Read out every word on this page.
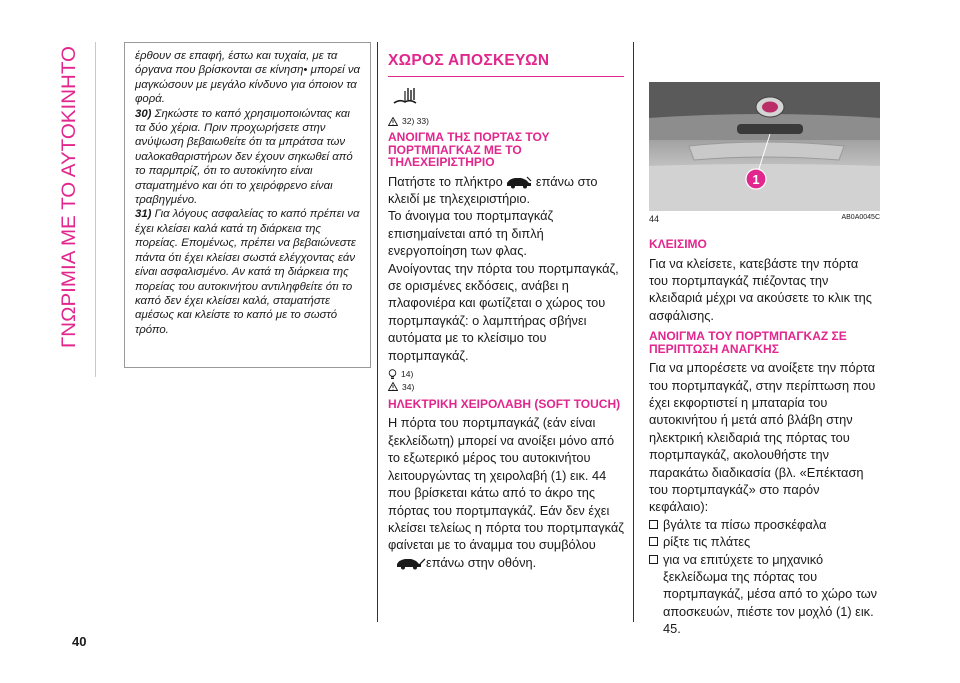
ΓΝΩΡΙΜΙΑ ΜΕ ΤΟ ΑΥΤΟΚΙΝΗΤΟ
40

έρθουν σε επαφή, έστω και τυχαία, με τα όργανα που βρίσκονται σε κίνηση• μπορεί να μαγκώσουν με μεγάλο κίνδυνο για όποιον τα φορά.

30) Σηκώστε το καπό χρησιμοποιώντας και τα δύο χέρια. Πριν προχωρήσετε στην ανύψωση βεβαιωθείτε ότι τα μπράτσα των υαλοκαθαριστήρων δεν έχουν σηκωθεί από το παρμπρίζ, ότι το αυτοκίνητο είναι σταματημένο και ότι το χειρόφρενο είναι τραβηγμένο.

31) Για λόγους ασφαλείας το καπό πρέπει να έχει κλείσει καλά κατά τη διάρκεια της πορείας. Επομένως, πρέπει να βεβαιώνεστε πάντα ότι έχει κλείσει σωστά ελέγχοντας εάν είναι ασφαλισμένο. Αν κατά τη διάρκεια της πορείας του αυτοκινήτου αντιληφθείτε ότι το καπό δεν έχει κλείσει καλά, σταματήστε αμέσως και κλείστε το καπό με το σωστό τρόπο.

ΧΩΡΟΣ ΑΠΟΣΚΕΥΩΝ
32) 33)
ΑΝΟΙΓΜΑ ΤΗΣ ΠΟΡΤΑΣ ΤΟΥ ΠΟΡΤΜΠΑΓΚΑΖ ΜΕ ΤΟ ΤΗΛΕΧΕΙΡΙΣΤΗΡΙΟ

Πατήστε το πλήκτρο  επάνω στο κλειδί με τηλεχειριστήριο.

Το άνοιγμα του πορτμπαγκάζ επισημαίνεται από τη διπλή ενεργοποίηση των φλας.

Ανοίγοντας την πόρτα του πορτμπαγκάζ, σε ορισμένες εκδόσεις, ανάβει η πλαφονιέρα και φωτίζεται ο χώρος του πορτμπαγκάζ: ο λαμπτήρας σβήνει αυτόματα με το κλείσιμο του πορτμπαγκάζ.

14)
34)
ΗΛΕΚΤΡΙΚΗ ΧΕΙΡΟΛΑΒΗ (SOFT TOUCH)

Η πόρτα του πορτμπαγκάζ (εάν είναι ξεκλείδωτη) μπορεί να ανοίξει μόνο από το εξωτερικό μέρος του αυτοκινήτου λειτουργώντας τη χειρολαβή (1) εικ. 44 που βρίσκεται κάτω από το άκρο της πόρτας του πορτμπαγκάζ. Εάν δεν έχει κλείσει τελείως η πόρτα του πορτμπαγκάζ φαίνεται με το άναμμα του συμβόλου
επάνω στην οθόνη.

1
44	AB0A0045C
ΚΛΕΙΣΙΜΟ

Για να κλείσετε, κατεβάστε την πόρτα του πορτμπαγκάζ πιέζοντας την κλειδαριά μέχρι να ακούσετε το κλικ της ασφάλισης.

ΑΝΟΙΓΜΑ ΤΟΥ ΠΟΡΤΜΠΑΓΚΑΖ ΣΕ ΠΕΡΙΠΤΩΣΗ ΑΝΑΓΚΗΣ

Για να μπορέσετε να ανοίξετε την πόρτα του πορτμπαγκάζ, στην περίπτωση που έχει εκφορτιστεί η μπαταρία του αυτοκινήτου ή μετά από βλάβη στην ηλεκτρική κλειδαριά της πόρτας του πορτμπαγκάζ, ακολουθήστε την παρακάτω διαδικασία (βλ. «Επέκταση του πορτμπαγκάζ» στο παρόν κεφάλαιο):

βγάλτε τα πίσω προσκέφαλα
ρίξτε τις πλάτες
για να επιτύχετε το μηχανικό ξεκλείδωμα της πόρτας του πορτμπαγκάζ, μέσα από το χώρο των αποσκευών, πιέστε τον μοχλό (1) εικ. 45.
